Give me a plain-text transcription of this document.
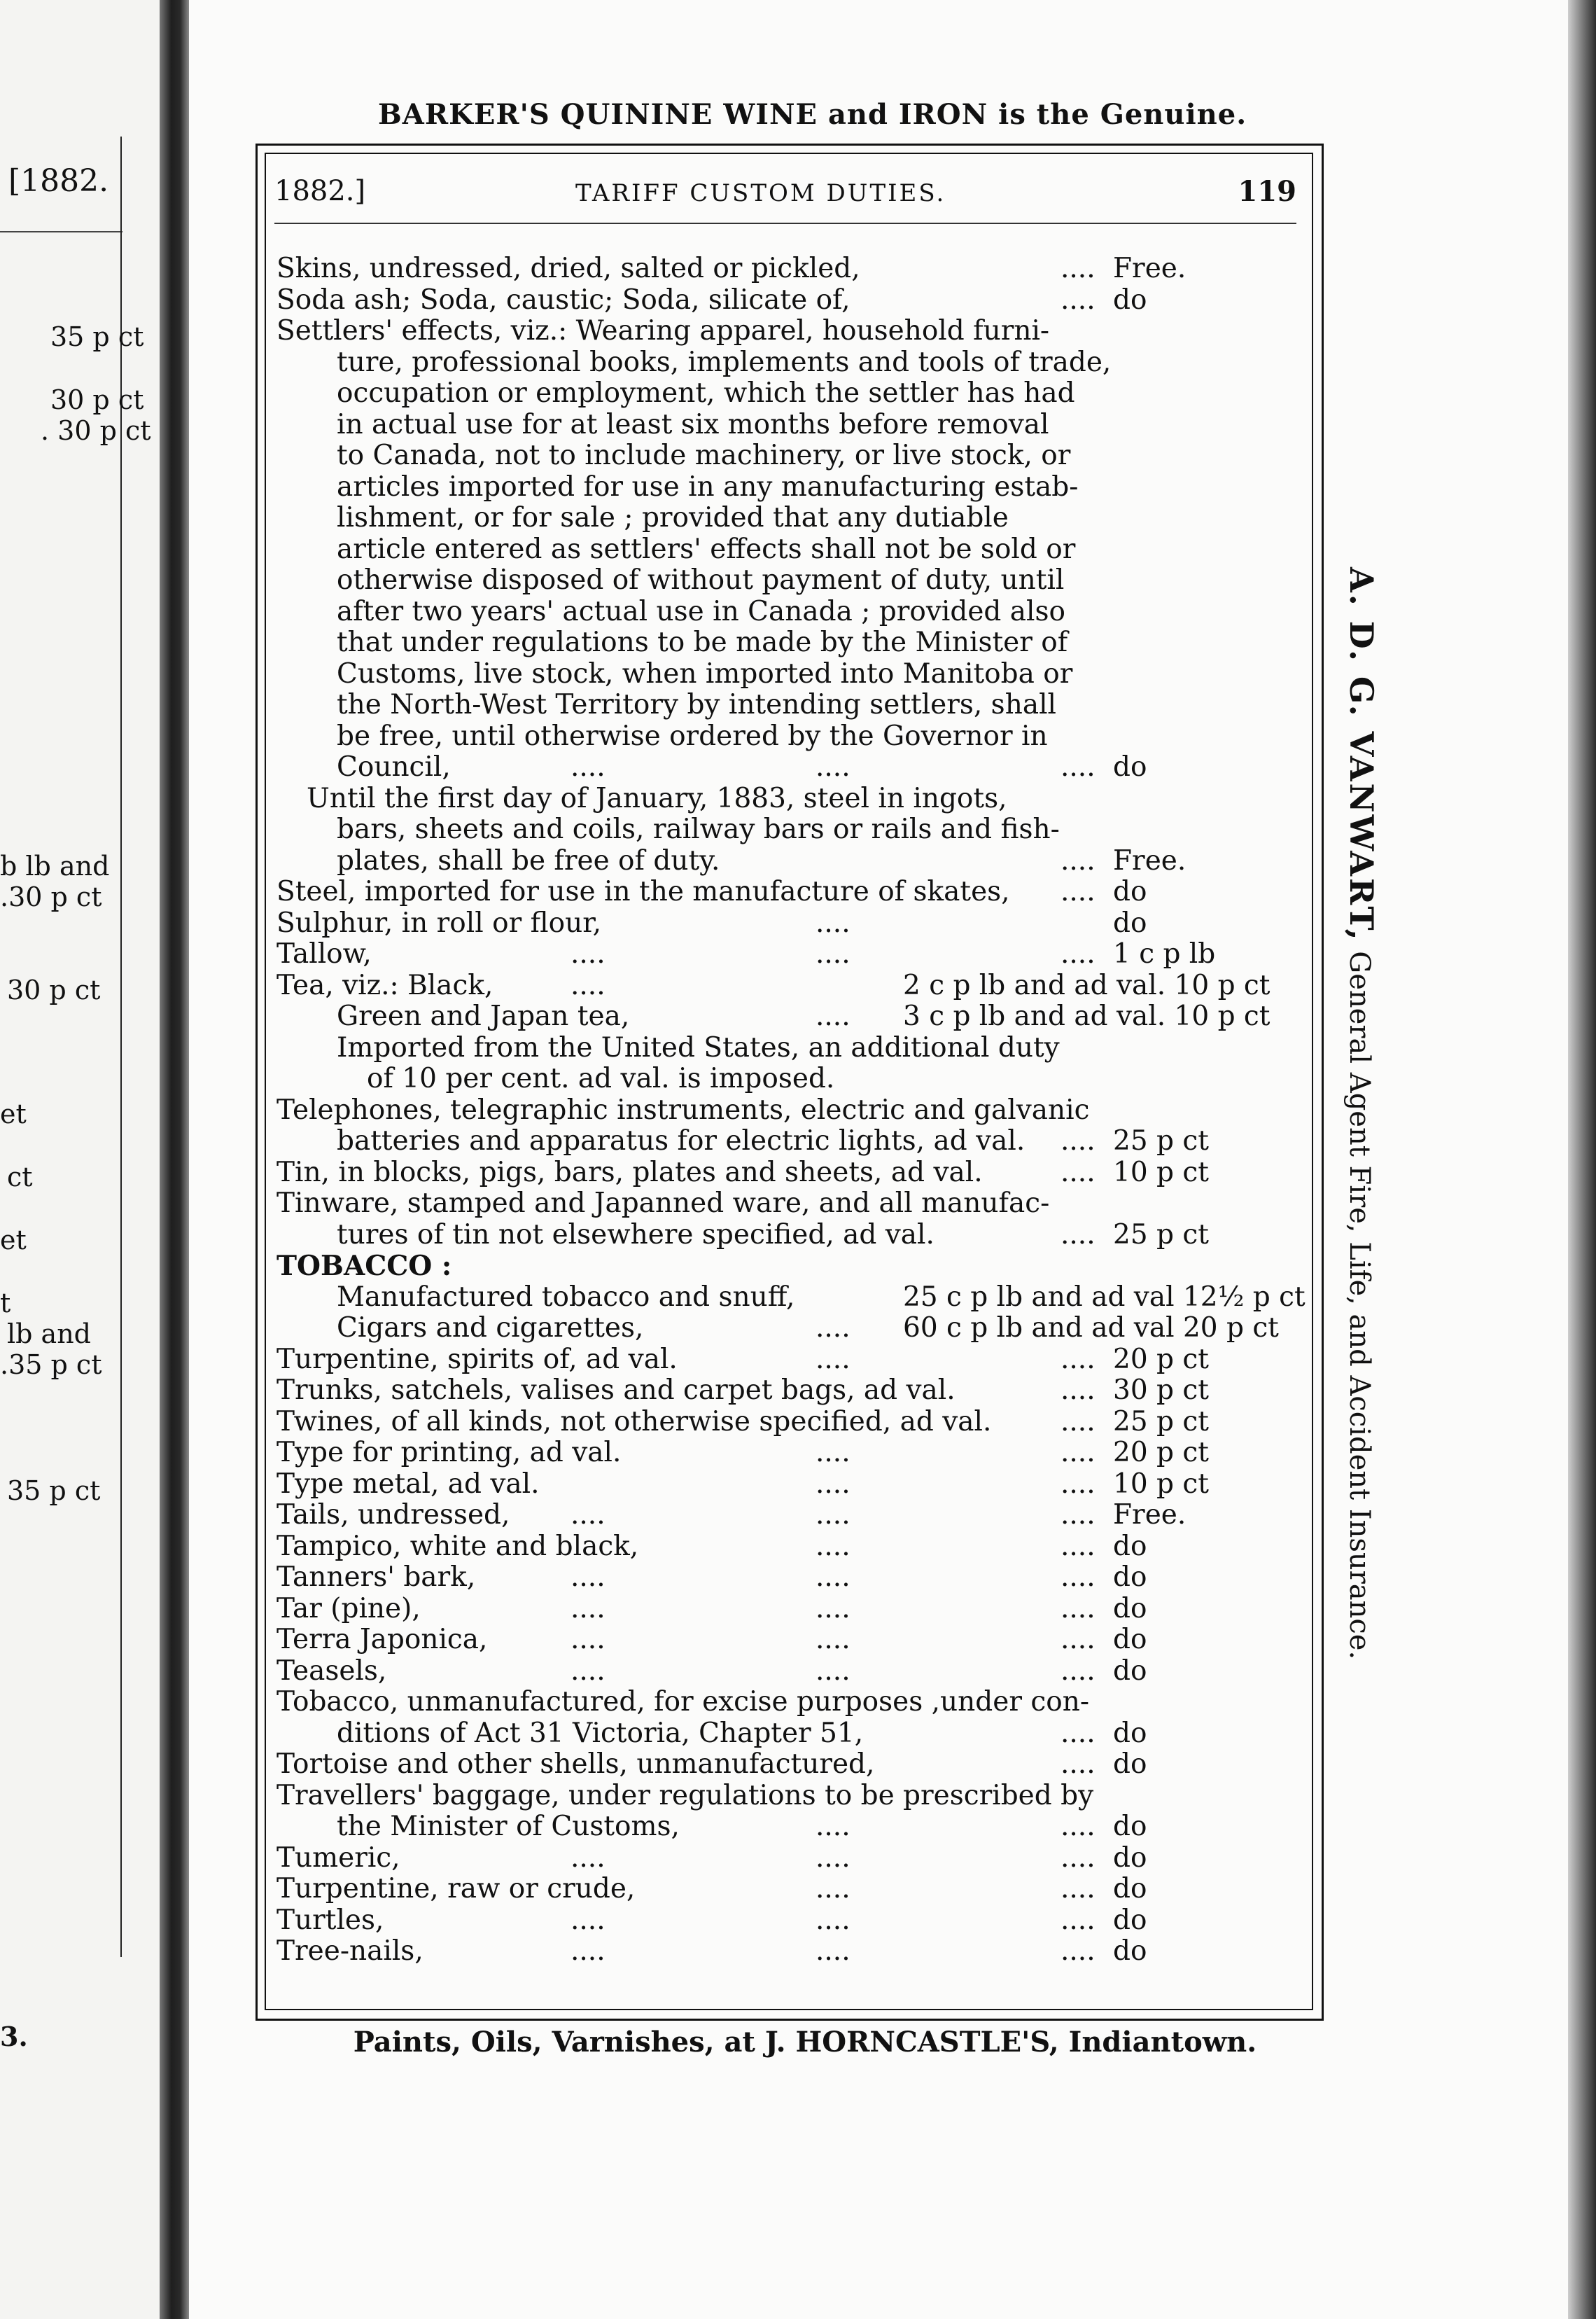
[1882.
35 p ct
30 p ct
. 30 p ct
b lb and
.30 p ct
30 p ct
et
ct
et
t
lb and
.35 p ct
35 p ct
3.
BARKER'S QUININE WINE and IRON is the Genuine.
1882.]	TARIFF CUSTOM DUTIES.	119
Skins, undressed, dried, salted or pickled,	.... Free.
Soda ash; Soda, caustic; Soda, silicate of,	.... do
Settlers' effects, viz.: Wearing apparel, household furni-
ture, professional books, implements and tools of trade,
occupation or employment, which the settler has had
in actual use for at least six months before removal
to Canada, not to include machinery, or live stock, or
articles imported for use in any manufacturing estab-
lishment, or for sale ; provided that any dutiable
article entered as settlers' effects shall not be sold or
otherwise disposed of without payment of duty, until
after two years' actual use in Canada ; provided also
that under regulations to be made by the Minister of
Customs, live stock, when imported into Manitoba or
the North-West Territory by intending settlers, shall
be free, until otherwise ordered by the Governor in
Council,	....	....	.... do
Until the first day of January, 1883, steel in ingots,
bars, sheets and coils, railway bars or rails and fish-
plates, shall be free of duty.	.... Free.
Steel, imported for use in the manufacture of skates, .... do
Sulphur, in roll or flour,	....	do
Tallow,	....	....	.... 1 c p lb
Tea, viz.: Black,	....	2 c p lb and ad val. 10 p ct
Green and Japan tea,	.... 3 c p lb and ad val. 10 p ct
Imported from the United States, an additional duty
of 10 per cent. ad val. is imposed.
Telephones, telegraphic instruments, electric and galvanic
batteries and apparatus for electric lights, ad val. .... 25 p ct
Tin, in blocks, pigs, bars, plates and sheets, ad val.	.... 10 p ct
Tinware, stamped and Japanned ware, and all manufac-
tures of tin not elsewhere specified, ad val.	.... 25 p ct
TOBACCO :
Manufactured tobacco and snuff,	25 c p lb and ad val 12½ p ct
Cigars and cigarettes,	.... 60 c p lb and ad val 20 p ct
Turpentine, spirits of, ad val.	....	.... 20 p ct
Trunks, satchels, valises and carpet bags, ad val.	.... 30 p ct
Twines, of all kinds, not otherwise specified, ad val.	.... 25 p ct
Type for printing, ad val.	....	.... 20 p ct
Type metal, ad val.	....	.... 10 p ct
Tails, undressed, ....	....	.... Free.
Tampico, white and black,	....	.... do
Tanners' bark,	....	....	.... do
Tar (pine),	....	....	.... do
Terra Japonica,	....	....	.... do
Teasels,	....	....	.... do
Tobacco, unmanufactured, for excise purposes ,under con-
ditions of Act 31 Victoria, Chapter 51,	.... do
Tortoise and other shells, unmanufactured,	.... do
Travellers' baggage, under regulations to be prescribed by
the Minister of Customs,	....	.... do
Tumeric,	....	....	.... do
Turpentine, raw or crude,	....	.... do
Turtles,	....	....	.... do
Tree-nails,	....	....	.... do
A. D. G. VANWART, General Agent Fire, Life, and Accident Insurance.
Paints, Oils, Varnishes, at J. HORNCASTLE'S, Indiantown.
